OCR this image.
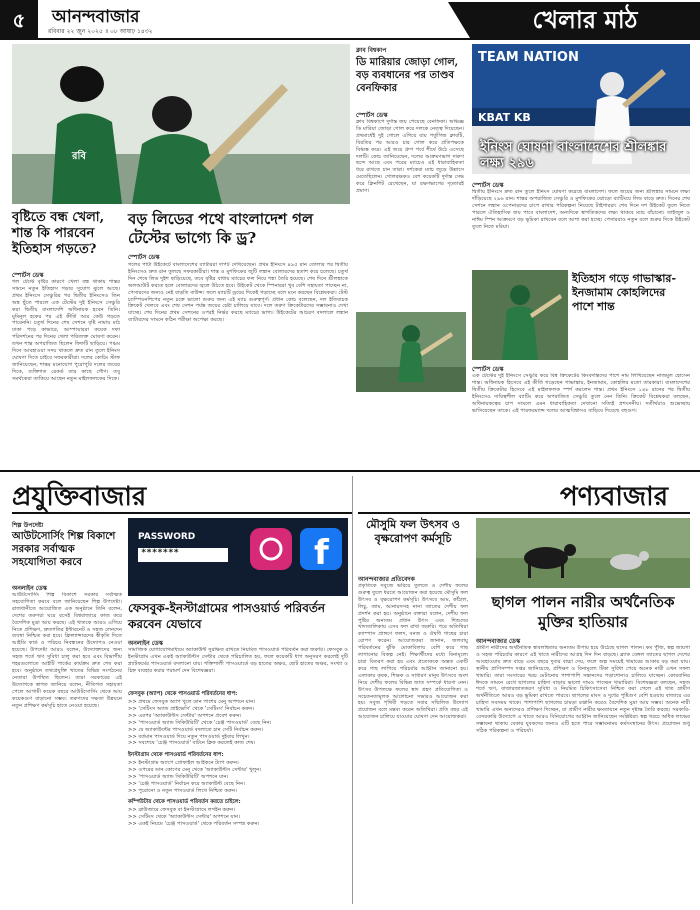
৫	আনন্দবাজার
রবিবার ২২ জুন ২০২৫ ॥ ০৮ আষাঢ় ১৪৩২	খেলার মাঠ
রবি
বৃষ্টিতে বন্ধ খেলা, শান্ত কি পারবেন ইতিহাস গড়তে?
স্পোর্টস ডেস্ক
গল টেস্টে বৃষ্টির কারণে খেলা বন্ধ থাকায় শান্তর সামনে নতুন ইতিহাস গড়ার সুযোগ ঝুলে আছে। প্রথম ইনিংসে সেঞ্চুরির পর দ্বিতীয় ইনিংসেও তিন অঙ্ক ছুঁতে পারলে এক টেস্টের দুই ইনিংসে সেঞ্চুরি করা দ্বিতীয় বাংলাদেশি অধিনায়ক হবেন তিনি। মুমিনুল হকের পর এই কীর্তি আর কেউ গড়তে পারেননি। চতুর্থ দিনের শেষ সেশনে বৃষ্টি নামায় মাঠ ঢাকা পড়ে কাভারে, আম্পায়াররা কয়েক দফা পরিদর্শনের পর দিনের খেলা পরিত্যক্ত ঘোষণা করেন। তখন শান্ত অপরাজিত ছিলেন ফিফটি ছাড়িয়ে। পঞ্চম দিনে আবহাওয়া সদয় থাকলে দ্রুত রান তুলে ইনিংস ঘোষণা দিতে চাইবে সফরকারীরা। দলের কোচিং স্টাফ জানিয়েছেন, শান্তর মনোযোগ পুরোপুরি দলের জয়ের দিকে, ব্যক্তিগত রেকর্ড তার কাছে গৌণ। তবু সমর্থকেরা তাকিয়ে আছেন নতুন মাইলফলকের দিকে।
বড় লিডের পথে বাংলাদেশ গল টেস্টের ভাগ্যে কি ড্র?
স্পোর্টস ডেস্ক
গলের পাটা উইকেটে বাংলাদেশের ব্যাটাররা দাপট দেখিয়েছেন। প্রথম ইনিংসে ৪৯৫ রান তোলার পর দ্বিতীয় ইনিংসেও দ্রুত রান তুলছে সফরকারীরা। শান্ত ও মুশফিকের জুটি লঙ্কান বোলারদের হতাশ করে চলেছে। চতুর্থ দিন শেষে লিড দুইশ ছাড়িয়েছে, তবে বৃষ্টির বাধায় ম্যাচের ফল নিয়ে শঙ্কা তৈরি হয়েছে। শেষ দিনে শ্রীলঙ্কাকে অলআউট করতে হলে বোলারদের জ্বলে উঠতে হবে। উইকেট থেকে স্পিনাররা খুব বেশি সহায়তা পাচ্ছেন না, পেসারদের জন্যও নেই বাড়তি বাউন্স। ফলে ম্যাচটি ড্রয়ের দিকেই গড়াচ্ছে বলে মনে করছেন বিশ্লেষকরা। টেস্ট চ্যাম্পিয়নশিপের নতুন চক্রে ভালো শুরুর জন্য এই ম্যাচ গুরুত্বপূর্ণ। প্রধান কোচ বলেছেন, দল ইতিবাচক ক্রিকেট খেলবে এবং শেষ সেশন পর্যন্ত জয়ের চেষ্টা চালিয়ে যাবে। দলে তরুণ ক্রিকেটারদের সম্ভাবনাও দেখা যাচ্ছে। শেষ দিনের প্রথম সেশনের ওপরই নির্ভর করছে ম্যাচের ভাগ্য। উইকেটের আচরণ বদলালে লঙ্কান ব্যাটারদের সামনে কঠিন পরীক্ষা অপেক্ষা করছে।
ক্লাব বিশ্বকাপ
ডি মারিয়ার জোড়া গোল, বড় ব্যবধানের পর তাণ্ডব বেনফিকার
স্পোর্টস ডেস্ক
ক্লাব বিশ্বকাপে দুর্দান্ত জয় পেয়েছে বেনফিকা। অভিজ্ঞ ডি মারিয়া জোড়া গোল করে দলকে নেতৃত্ব দিয়েছেন। প্রথমার্ধেই দুই গোলে এগিয়ে যায় পর্তুগিজ ক্লাবটি, বিরতির পর আরও চার গোল করে প্রতিপক্ষকে বিধ্বস্ত করে। এই জয়ে গ্রুপ পর্বে শীর্ষে উঠে এসেছে দলটি। কোচ জানিয়েছেন, দলের আক্রমণভাগ দারুণ ছন্দে আছে এবং পরের ম্যাচেও এই ধারাবাহিকতা ধরে রাখতে চান তারা। দর্শকেরা ম্যাচ জুড়ে উল্লাসে মেতেছিলেন। গোলরক্ষকও বেশ কয়েকটি দুর্দান্ত সেভ করে ক্লিনশিট রেখেছেন, যা রক্ষণভাগের দৃঢ়তারই প্রমাণ।
TEAM NATION
KBAT KB
ইনিংস ঘোষণা বাংলাদেশের শ্রীলঙ্কার লক্ষ্য ২৯৬
স্পোর্টস ডেস্ক
দ্বিতীয় ইনিংসে দ্রুত রান তুলে ইনিংস ঘোষণা করেছে বাংলাদেশ। ফলে জয়ের জন্য শ্রীলঙ্কার সামনে লক্ষ্য দাঁড়িয়েছে ২৯৬ রান। শান্তর অপরাজিত সেঞ্চুরি ও মুশফিকের ঝোড়ো ব্যাটিংয়ে লিড বাড়ে দ্রুত। দিনের শেষ সেশনে লঙ্কান ওপেনারদের চাপে রাখার পরিকল্পনা নিয়েছে টাইগাররা। শেষ দিনে দশ উইকেট তুলে নিতে পারলে ঐতিহাসিক জয় পাবে বাংলাদেশ, অন্যদিকে স্বাগতিকদের লক্ষ্য থাকবে ম্যাচ বাঁচানো। তাইজুল ও নাঈম স্পিন আক্রমণে বড় ভূমিকা রাখবেন বলে আশা করা হচ্ছে। পেসাররাও নতুন বলে শুরুর দিকে উইকেট তুলে নিতে মরিয়া।
ইতিহাস গড়ে গাভাস্কার-ইনজামাম কোহলিদের পাশে শান্ত
স্পোর্টস ডেস্ক
এক টেস্টের দুই ইনিংসে সেঞ্চুরি করে বিশ্ব ক্রিকেটের কিংবদন্তিদের পাশে নাম লিখিয়েছেন নাজমুল হোসেন শান্ত। অধিনায়ক হিসেবে এই কীর্তি গড়েছেন গাভাস্কার, ইনজামাম, কোহলির মতো তারকারা। বাংলাদেশের দ্বিতীয় ক্রিকেটার হিসেবে এই মাইলফলক স্পর্শ করলেন শান্ত। প্রথম ইনিংসে ১৪৮ রানের পর দ্বিতীয় ইনিংসেও দায়িত্বশীল ব্যাটিং করে অপরাজিত সেঞ্চুরি তুলে নেন তিনি। ক্রিকেট বিশ্লেষকরা বলছেন, অধিনায়কত্বের চাপ সামলে এমন ধারাবাহিকতা দেখানো সত্যিই প্রশংসনীয়। সতীর্থরাও শুভেচ্ছায় ভাসিয়েছেন তাকে। এই পারফরম্যান্স দলের আত্মবিশ্বাসও বাড়িয়ে দিয়েছে বহুগুণ।
প্রযুক্তিবাজার
শিল্প উপদেষ্টা
আউটসোর্সিং শিল্প বিকাশে সরকার সর্বাত্মক সহযোগিতা করবে
অনলাইন ডেস্ক
আউটসোর্সিং শিল্প বিকাশে সরকার সর্বাত্মক সহযোগিতা করবে বলে জানিয়েছেন শিল্প উপদেষ্টা। রাজধানীতে আয়োজিত এক অনুষ্ঠানে তিনি বলেন, দেশের তরুণরা ঘরে বসেই বিশ্ববাজারে কাজ করে বৈদেশিক মুদ্রা আয় করছে। এই খাতকে আরও এগিয়ে নিতে প্রশিক্ষণ, দ্রুতগতির ইন্টারনেট ও সহজ লেনদেন ব্যবস্থা নিশ্চিত করা হবে। ফ্রিল্যান্সারদের স্বীকৃতি দিতে আইডি কার্ড ও পরিচয় নিবন্ধনের উদ্যোগও নেওয়া হয়েছে। উপদেষ্টা আরও বলেন, উদ্যোক্তাদের জন্য সহজ শর্তে ঋণ সুবিধা চালু করা হবে এবং বিভাগীয় শহরগুলোতে আইটি পার্কের কার্যক্রম দ্রুত শেষ করা হবে। অনুষ্ঠানে তথ্যপ্রযুক্তি খাতের বিভিন্ন সংগঠনের নেতারা উপস্থিত ছিলেন। তারা সরকারের এই উদ্যোগকে স্বাগত জানিয়ে বলেন, নীতিগত সহায়তা পেলে আগামী কয়েক বছরে আউটসোর্সিং থেকে আয় কয়েকগুণ বাড়ানো সম্ভব। তরুণদের দক্ষতা উন্নয়নে নতুন প্রশিক্ষণ কর্মসূচি হাতে নেওয়া হয়েছে।
f
PASSWORD
*******
ফেসবুক-ইনস্টাগ্রামের পাসওয়ার্ড পরিবর্তন করবেন যেভাবে
অনলাইন ডেস্ক
সামাজিক যোগাযোগমাধ্যমে অ্যাকাউন্ট সুরক্ষিত রাখতে নিয়মিত পাসওয়ার্ড পরিবর্তন করা জরুরি। ফেসবুক ও ইনস্টাগ্রাম এখন একই অ্যাকাউন্টস সেন্টার থেকে পরিচালিত হয়, ফলে কয়েকটি ধাপ অনুসরণ করলেই দুটি প্ল্যাটফর্মের পাসওয়ার্ড বদলানো যায়। শক্তিশালী পাসওয়ার্ডে বড় হাতের অক্ষর, ছোট হাতের অক্ষর, সংখ্যা ও চিহ্ন ব্যবহার করার পরামর্শ দেন বিশেষজ্ঞরা।
ফেসবুক (অ্যাপ) থেকে পাসওয়ার্ড পরিবর্তনের ধাপ:
>> প্রথমে ফেসবুক অ্যাপ খুলে ডান পাশের মেনু অপশনে যান।
>> 'সেটিংস অ্যান্ড প্রাইভেসি' থেকে 'সেটিংস' নির্বাচন করুন।
>> এরপর 'অ্যাকাউন্টস সেন্টার' অপশনে প্রবেশ করুন।
>> 'পাসওয়ার্ড অ্যান্ড সিকিউরিটি' থেকে 'চেঞ্জ পাসওয়ার্ড' বেছে নিন।
>> যে অ্যাকাউন্টের পাসওয়ার্ড বদলাতে চান সেটি নির্বাচন করুন।
>> বর্তমান পাসওয়ার্ড দিয়ে নতুন পাসওয়ার্ড দুইবার লিখুন।
>> সবশেষে 'চেঞ্জ পাসওয়ার্ড' বাটনে ক্লিক করলেই কাজ শেষ।
ইনস্টাগ্রাম থেকে পাসওয়ার্ড পরিবর্তনের ধাপ:
>> ইনস্টাগ্রাম অ্যাপে প্রোফাইল আইকনে ট্যাপ করুন।
>> ওপরের ডান কোণের মেনু থেকে 'অ্যাকাউন্টস সেন্টার' খুলুন।
>> 'পাসওয়ার্ড অ্যান্ড সিকিউরিটি' অপশনে যান।
>> 'চেঞ্জ পাসওয়ার্ড' নির্বাচন করে অ্যাকাউন্ট বেছে নিন।
>> পুরোনো ও নতুন পাসওয়ার্ড লিখে নিশ্চিত করুন।
কম্পিউটার থেকে পাসওয়ার্ড পরিবর্তন করতে চাইলে:
>> ব্রাউজারে ফেসবুক বা ইনস্টাগ্রামে লগইন করুন।
>> সেটিংস থেকে 'অ্যাকাউন্টস সেন্টার' অপশনে যান।
>> একই নিয়মে 'চেঞ্জ পাসওয়ার্ড' থেকে পরিবর্তন সম্পন্ন করুন।
পণ্যবাজার
মৌসুমি ফল উৎসব ও বৃক্ষরোপণ কর্মসূচি
আনন্দবাজার প্রতিবেদক
প্রকৃতিকে সবুজে ভরিয়ে তুলতে ও দেশীয় ফলের গুরুত্ব তুলে ধরতে আয়োজন করা হয়েছে মৌসুমি ফল উৎসব ও বৃক্ষরোপণ কর্মসূচি। উৎসবে আম, কাঁঠাল, লিচু, জাম, আনারসসহ নানা জাতের দেশীয় ফল প্রদর্শন করা হয়। অনুষ্ঠানে বক্তারা বলেন, দেশীয় ফল পুষ্টির অন্যতম প্রধান উৎস এবং শিশুদের খাদ্যতালিকায় এসব ফল রাখা জরুরি। পরে অতিথিরা ক্যাম্পাস প্রাঙ্গণে ফলদ, বনজ ও ঔষধি গাছের চারা রোপণ করেন। আয়োজকরা জানান, জলবায়ু পরিবর্তনের ঝুঁকি মোকাবিলায় বেশি করে গাছ লাগানোর বিকল্প নেই। শিক্ষার্থীদের মধ্যে বিনামূল্যে চারা বিতরণ করা হয় এবং প্রত্যেককে অন্তত একটি করে গাছ লাগিয়ে পরিচর্যার আহ্বান জানানো হয়। এলাকার কৃষক, শিক্ষক ও সাধারণ মানুষ উৎসবে অংশ নিয়ে দেশীয় ফলের বিভিন্ন জাত সম্পর্কে ধারণা নেন। উৎসব উপলক্ষে ফলের স্বাদ গ্রহণ প্রতিযোগিতা ও সচেতনতামূলক আলোচনা সভারও আয়োজন করা হয়। সবুজ পৃথিবী গড়তে সবার সম্মিলিত উদ্যোগ প্রয়োজন বলে মন্তব্য করেন অতিথিরা। প্রতি বছর এই আয়োজন চালিয়ে যাওয়ার ঘোষণা দেন আয়োজকরা।
ছাগল পালন নারীর অর্থনৈতিক মুক্তির হাতিয়ার
আনন্দবাজার ডেস্ক
গ্রামীণ নারীদের অর্থনৈতিক স্বাবলম্বিতার অন্যতম উপায় হয়ে উঠেছে ছাগল পালন। কম পুঁজি, স্বল্প জায়গা ও সহজ পরিচর্যার কারণে এই খাতে নারীদের আগ্রহ দিন দিন বাড়ছে। ব্ল্যাক বেঙ্গল জাতের ছাগল দেশের আবহাওয়ায় দ্রুত বাড়ে এবং বছরে দুবার বাচ্চা দেয়, ফলে অল্প সময়েই খামারের আকার বড় করা যায়। স্থানীয় প্রাণিসম্পদ দপ্তর জানিয়েছে, প্রশিক্ষণ ও বিনামূল্যে টিকা সুবিধা পেয়ে অনেক নারী এখন সফল খামারি। তারা সংসারের খরচ মেটানোর পাশাপাশি সন্তানদের পড়াশোনাও চালিয়ে যাচ্ছেন। কোরবানির ঈদকে সামনে রেখে ছাগলের চাহিদা বাড়ায় ভালো দামও পাচ্ছেন খামারিরা। বিশেষজ্ঞরা বলছেন, সহজ শর্তে ঋণ, বাজারজাতকরণ সুবিধা ও নিয়মিত চিকিৎসাসেবা নিশ্চিত করা গেলে এই খাত গ্রামীণ অর্থনীতিতে আরও বড় ভূমিকা রাখতে পারবে। ছাগলের মাংস ও দুধের পুষ্টিগুণ বেশি হওয়ায় বাজারে এর চাহিদা সবসময় থাকে। পাশাপাশি ছাগলের চামড়া রপ্তানি করেও বৈদেশিক মুদ্রা আয় সম্ভব। অনেক নারী খামারি এখন অন্যদেরও প্রশিক্ষণ দিচ্ছেন, যা গ্রামীণ নারীর ক্ষমতায়নে নতুন দৃষ্টান্ত তৈরি করছে। সরকারি-বেসরকারি উদ্যোগে এ খাতে আরও বিনিয়োগের আহ্বান জানিয়েছেন সংশ্লিষ্টরা। স্বল্প খরচে অধিক লাভের সম্ভাবনা থাকায় বেকার যুবকদের জন্যও এটি হতে পারে সম্ভাবনাময় কর্মসংস্থানের উৎস। প্রয়োজন শুধু সঠিক পরিকল্পনা ও পরিচর্যা।
